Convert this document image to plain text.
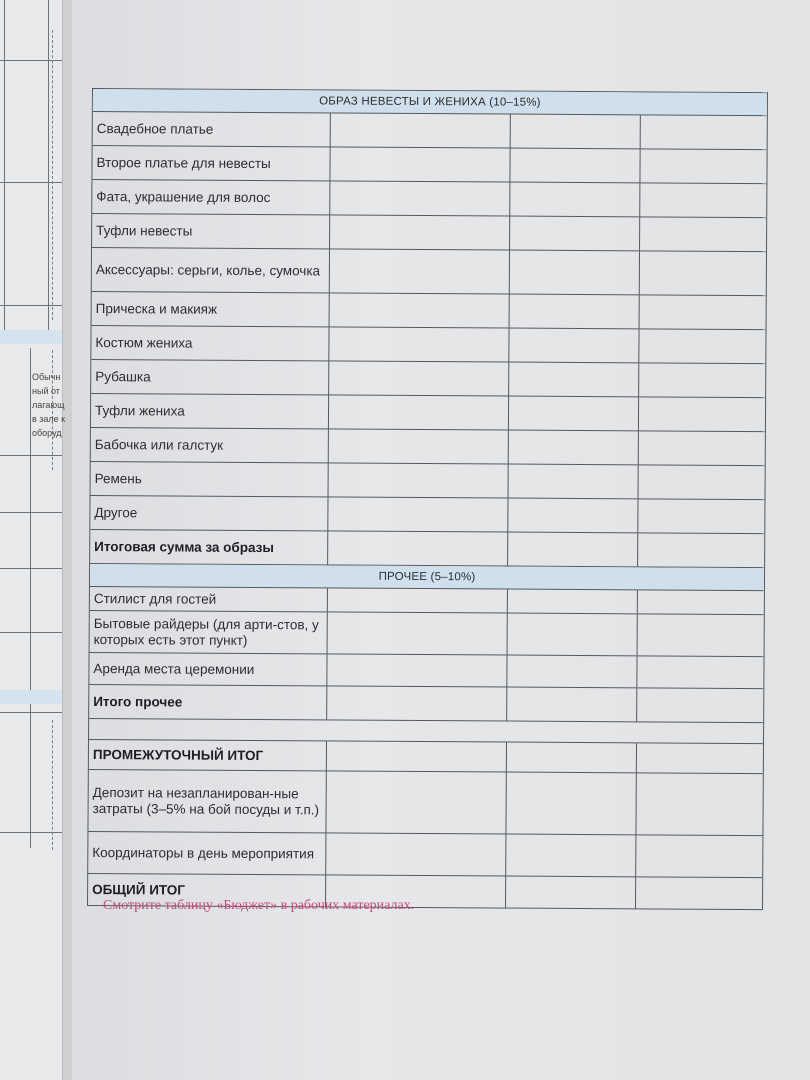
Обычн
ный от
лагающ
в зале к
оборуд
ОБРАЗ НЕВЕСТЫ И ЖЕНИХА (10–15%)
Свадебное платье
Второе платье для невесты
Фата, украшение для волос
Туфли невесты
Аксессуары: серьги, колье, сумочка
Прическа и макияж
Костюм жениха
Рубашка
Туфли жениха
Бабочка или галстук
Ремень
Другое
Итоговая сумма за образы
ПРОЧЕЕ (5–10%)
Стилист для гостей
Бытовые райдеры (для арти-стов, у которых есть этот пункт)
Аренда места церемонии
Итого прочее
ПРОМЕЖУТОЧНЫЙ ИТОГ
Депозит на незапланирован-ные затраты (3–5% на бой посуды и т.п.)
Координаторы в день мероприятия
ОБЩИЙ ИТОГ
Смотрите таблицу «Бюджет» в рабочих материалах.
